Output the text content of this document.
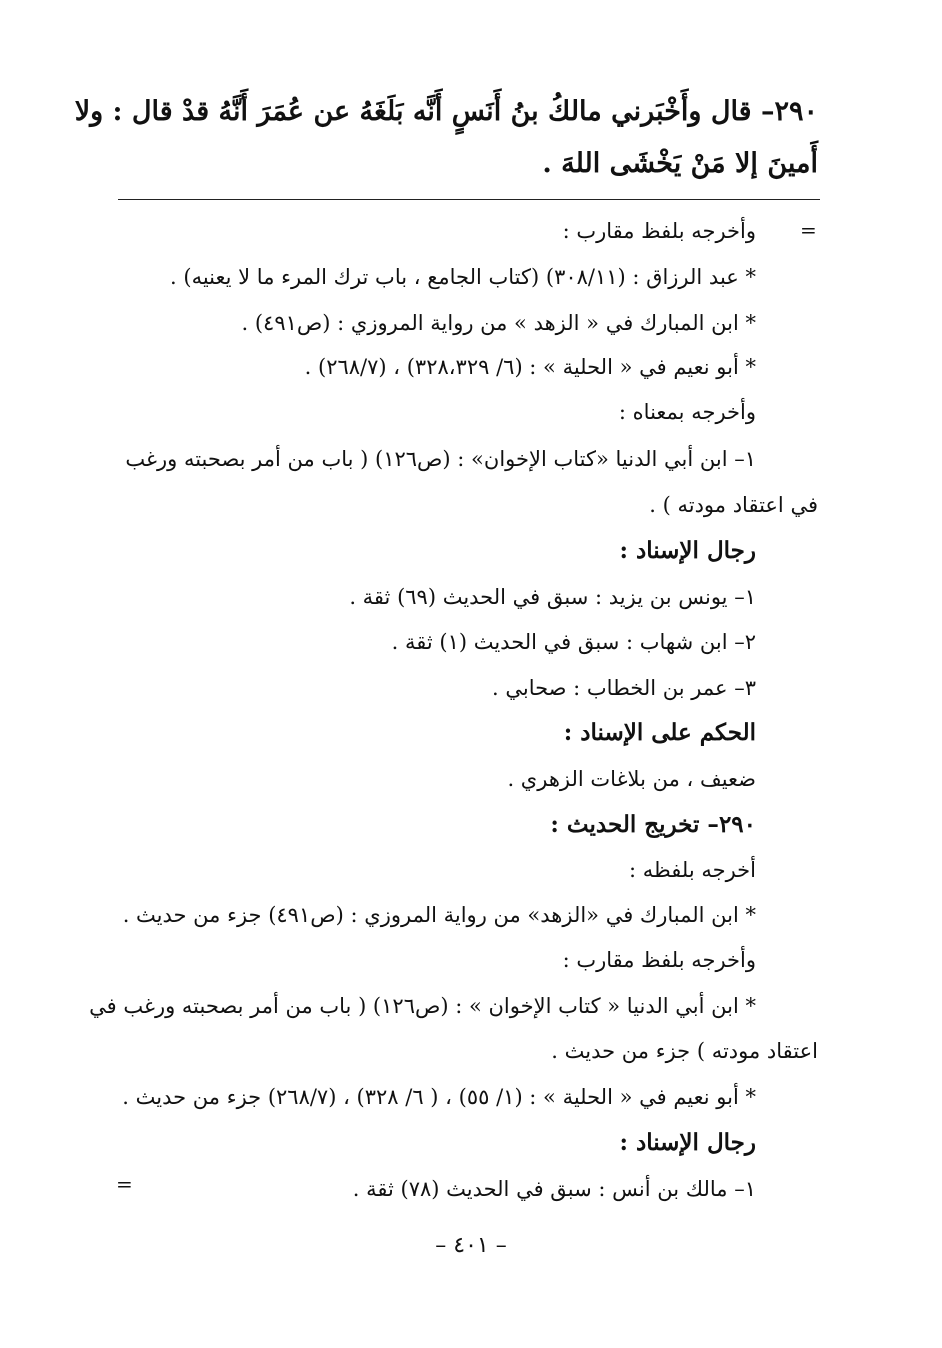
٢٩٠– قال وأَخْبَرني مالكُ بنُ أَنَسٍ أَنَّه بَلَغَهُ عن عُمَرَ أَنَّهُ قدْ قال : ولا
أَمينَ إلا مَنْ يَخْشَى اللهَ .
=
وأخرجه بلفظ مقارب :
* عبد الرزاق : (٣٠٨/١١) (كتاب الجامع ، باب ترك المرء ما لا يعنيه) .
* ابن المبارك في « الزهد » من رواية المروزي : (ص٤٩١) .
* أبو نعيم في « الحلية » : (٦/ ٣٢٨،٣٢٩) ، (٢٦٨/٧) .
وأخرجه بمعناه :
١– ابن أبي الدنيا «كتاب الإخوان» : (ص١٢٦) ( باب من أمر بصحبته ورغب
في اعتقاد مودته ) .
رجال الإسناد :
١– يونس بن يزيد : سبق في الحديث (٦٩) ثقة .
٢– ابن شهاب : سبق في الحديث (١) ثقة .
٣– عمر بن الخطاب : صحابي .
الحكم على الإسناد :
ضعيف ، من بلاغات الزهري .
٢٩٠– تخريج الحديث :
أخرجه بلفظه :
* ابن المبارك في «الزهد» من رواية المروزي : (ص٤٩١) جزء من حديث .
وأخرجه بلفظ مقارب :
* ابن أبي الدنيا « كتاب الإخوان » : (ص١٢٦) ( باب من أمر بصحبته ورغب في
اعتقاد مودته ) جزء من حديث .
* أبو نعيم في « الحلية » : (١/ ٥٥) ، ( ٦/ ٣٢٨) ، (٢٦٨/٧) جزء من حديث .
رجال الإسناد :
١– مالك بن أنس : سبق في الحديث (٧٨) ثقة .
=
– ٤٠١ –
